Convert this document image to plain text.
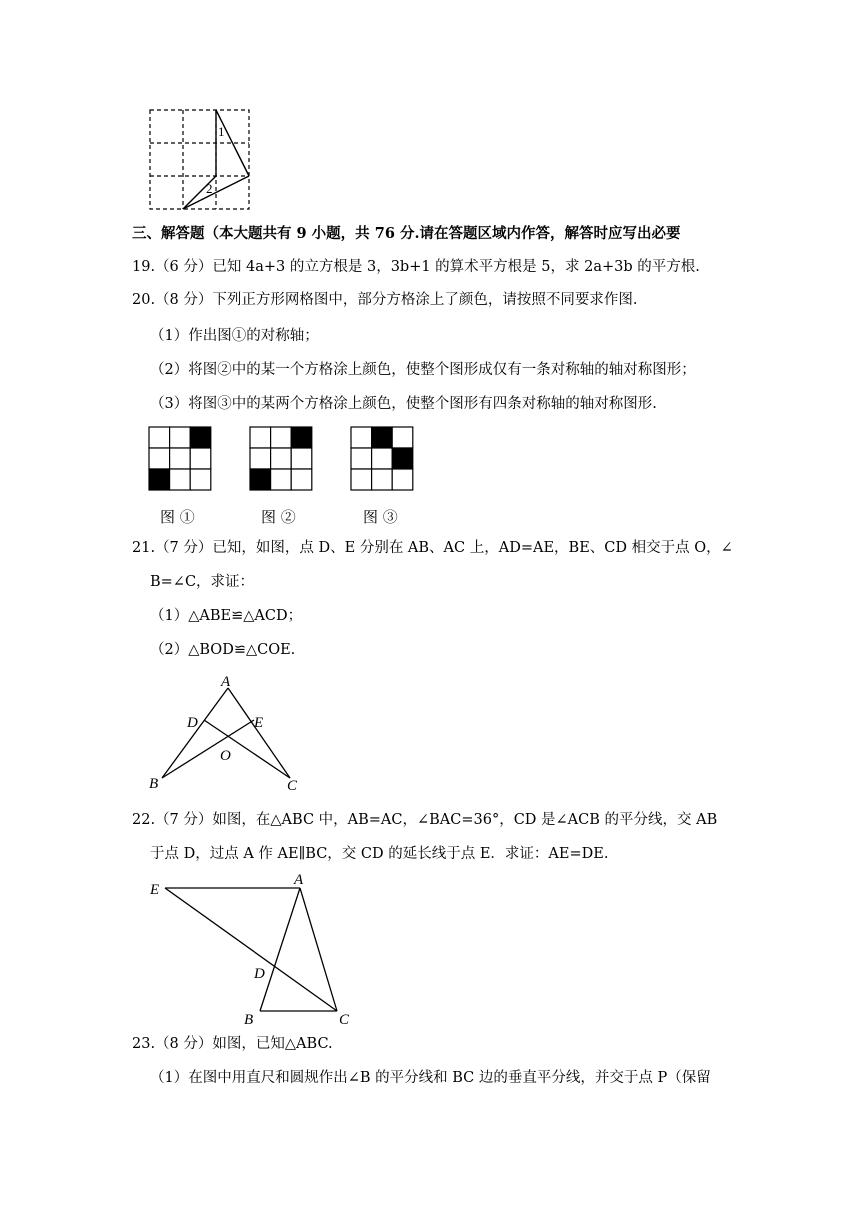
1
2
三、解答题（本大题共有 9 小题，共 76 分.请在答题区域内作答，解答时应写出必要
19.（6 分）已知 4a+3 的立方根是 3，3b+1 的算术平方根是 5，求 2a+3b 的平方根.
20.（8 分）下列正方形网格图中，部分方格涂上了颜色，请按照不同要求作图.
（1）作出图①的对称轴；
（2）将图②中的某一个方格涂上颜色，使整个图形成仅有一条对称轴的轴对称图形；
（3）将图③中的某两个方格涂上颜色，使整个图形有四条对称轴的轴对称图形.
21.（7 分）已知，如图，点 D、E 分别在 AB、AC 上，AD=AE，BE、CD 相交于点 O，∠
B=∠C，求证：
（1）△ABE≌△ACD；
（2）△BOD≌△COE.
22.（7 分）如图，在△ABC 中，AB=AC，∠BAC=36°，CD 是∠ACB 的平分线，交 AB
于点 D，过点 A 作 AE∥BC，交 CD 的延长线于点 E．求证：AE=DE.
23.（8 分）如图，已知△ABC.
（1）在图中用直尺和圆规作出∠B 的平分线和 BC 边的垂直平分线，并交于点 P（保留
图 ①	图 ②	图 ③
A
D	E
O
B	C
A
E
D
B	C
